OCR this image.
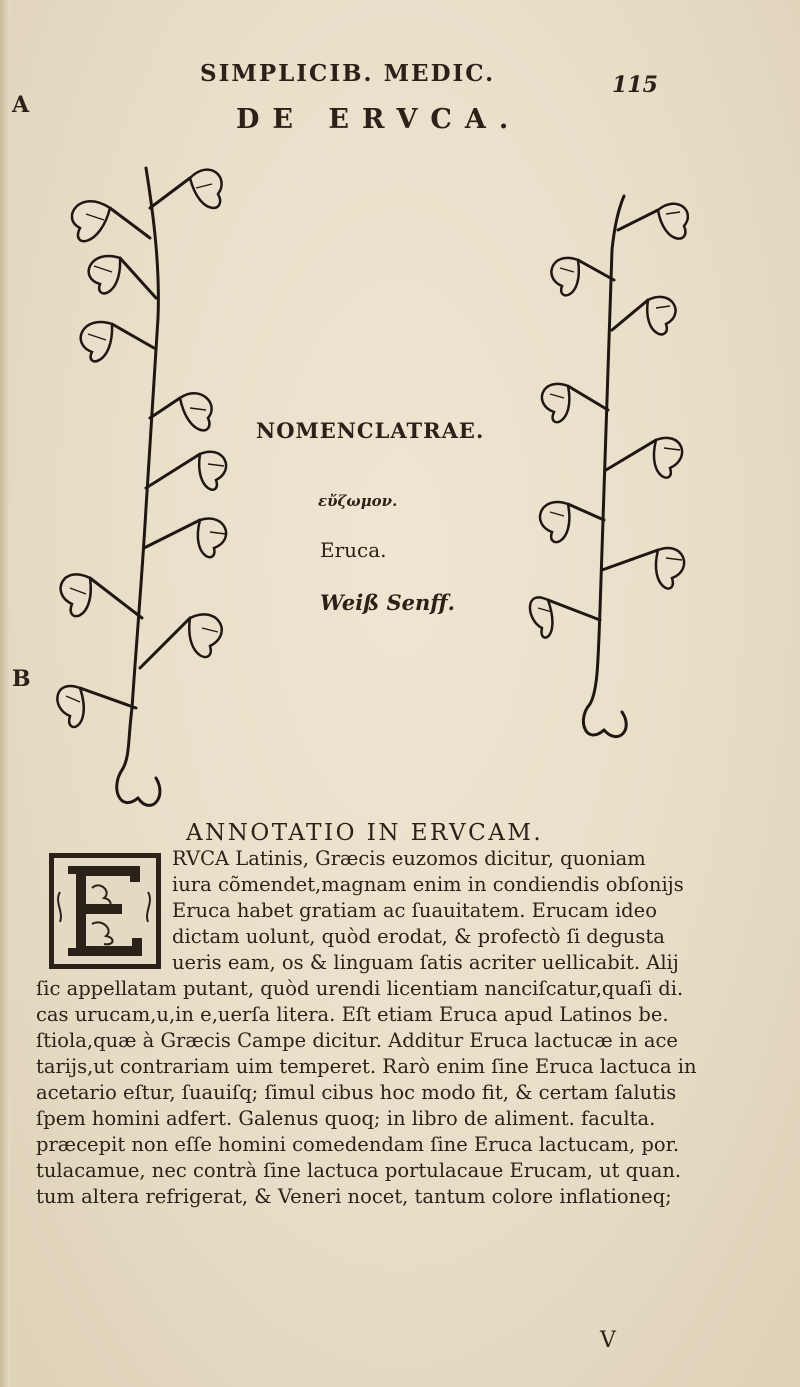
SIMPLICIB. MEDIC.	115
DE ERVCA.
A
B
NOMENCLATRAE.
εὔζωμον.
Eruca.
Weiß Senff.
ANNOTATIO IN ERVCAM.
RVCA Latinis, Græcis euzomos dicitur, quoniam
iura cõmendet,magnam enim in condiendis obſonijs
Eruca habet gratiam ac ſuauitatem. Erucam ideo
dictam uolunt, quòd erodat, & profectò ſi degusta
ueris eam, os & linguam ſatis acriter uellicabit. Alij
ſic appellatam putant, quòd urendi licentiam nanciſcatur,quaſi di.
cas urucam,u,in e,uerſa litera. Eſt etiam Eruca apud Latinos be.
ſtiola,quæ à Græcis Campe dicitur. Additur Eruca lactucæ in ace
tarijs,ut contrariam uim temperet. Rarò enim ſine Eruca lactuca in
acetario eſtur, ſuauiſq; ſimul cibus hoc modo fit, & certam ſalutis
ſpem homini adfert. Galenus quoq; in libro de aliment. faculta.
præcepit non eſſe homini comedendam ſine Eruca lactucam, por.
tulacamue, nec contrà ſine lactuca portulacaue Erucam, ut quan.
tum altera refrigerat, & Veneri nocet, tantum colore inflationeq;
V
